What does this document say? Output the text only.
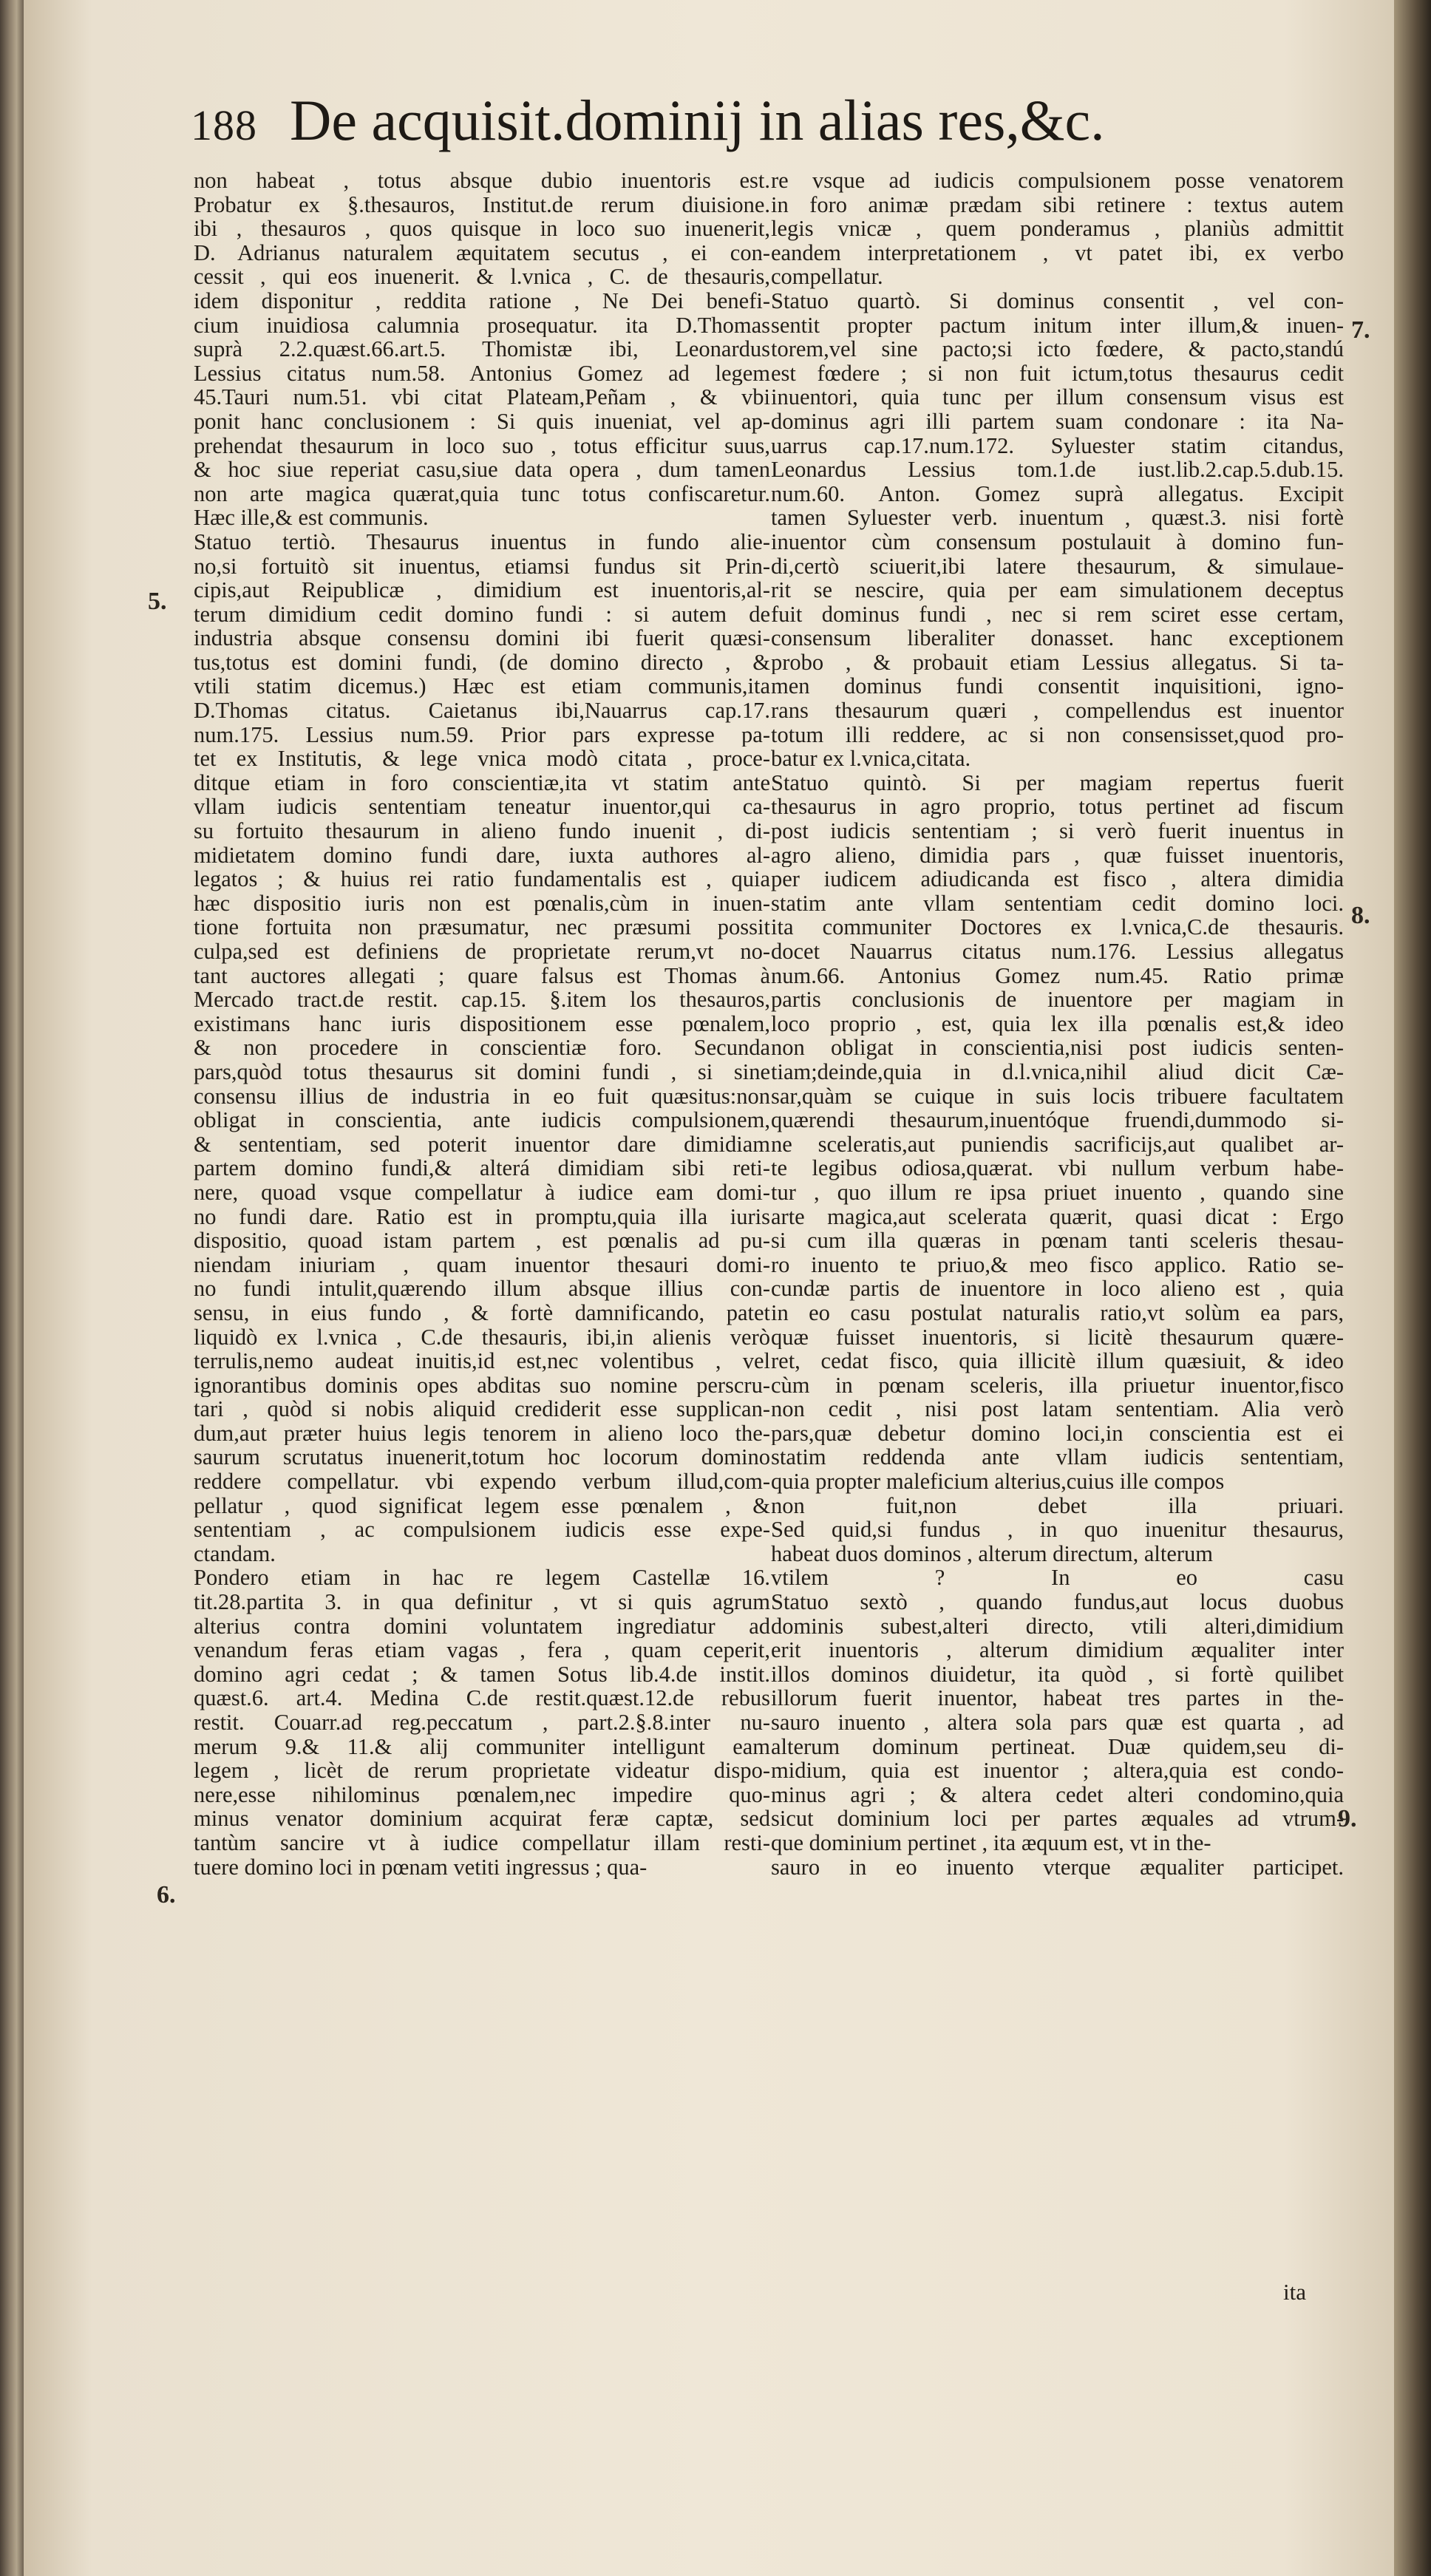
188 De acquisit.dominij in alias res,&c.
non habeat , totus absque dubio inuentoris est.
Probatur ex §.thesauros, Institut.de rerum diuisione.
ibi , thesauros , quos quisque in loco suo inuenerit,
D. Adrianus naturalem æquitatem secutus , ei con-
cessit , qui eos inuenerit. & l.vnica , C. de thesauris,
idem disponitur , reddita ratione , Ne Dei benefi-
cium inuidiosa calumnia prosequatur. ita D.Thomas
suprà 2.2.quæst.66.art.5. Thomistæ ibi, Leonardus
Lessius citatus num.58. Antonius Gomez ad legem
45.Tauri num.51. vbi citat Plateam,Peñam , & vbi
ponit hanc conclusionem : Si quis inueniat, vel ap-
prehendat thesaurum in loco suo , totus efficitur suus,
& hoc siue reperiat casu,siue data opera , dum tamen
non arte magica quærat,quia tunc totus confiscaretur.
Hæc ille,& est communis.
Statuo tertiò. Thesaurus inuentus in fundo alie-
no,si fortuitò sit inuentus, etiamsi fundus sit Prin-
cipis,aut Reipublicæ , dimidium est inuentoris,al-
terum dimidium cedit domino fundi : si autem de
industria absque consensu domini ibi fuerit quæsi-
tus,totus est domini fundi, (de domino directo , &
vtili statim dicemus.) Hæc est etiam communis,ita
D.Thomas citatus. Caietanus ibi,Nauarrus cap.17.
num.175. Lessius num.59. Prior pars expresse pa-
tet ex Institutis, & lege vnica modò citata , proce-
ditque etiam in foro conscientiæ,ita vt statim ante
vllam iudicis sententiam teneatur inuentor,qui ca-
su fortuito thesaurum in alieno fundo inuenit , di-
midietatem domino fundi dare, iuxta authores al-
legatos ; & huius rei ratio fundamentalis est , quia
hæc dispositio iuris non est pœnalis,cùm in inuen-
tione fortuita non præsumatur, nec præsumi possit
culpa,sed est definiens de proprietate rerum,vt no-
tant auctores allegati ; quare falsus est Thomas à
Mercado tract.de restit. cap.15. §.item los thesauros,
existimans hanc iuris dispositionem esse pœnalem,
& non procedere in conscientiæ foro. Secunda
pars,quòd totus thesaurus sit domini fundi , si sine
consensu illius de industria in eo fuit quæsitus:non
obligat in conscientia, ante iudicis compulsionem,
& sententiam, sed poterit inuentor dare dimidiam
partem domino fundi,& alterá dimidiam sibi reti-
nere, quoad vsque compellatur à iudice eam domi-
no fundi dare. Ratio est in promptu,quia illa iuris
dispositio, quoad istam partem , est pœnalis ad pu-
niendam iniuriam , quam inuentor thesauri domi-
no fundi intulit,quærendo illum absque illius con-
sensu, in eius fundo , & fortè damnificando, patet
liquidò ex l.vnica , C.de thesauris, ibi,in alienis verò
terrulis,nemo audeat inuitis,id est,nec volentibus , vel
ignorantibus dominis opes abditas suo nomine perscru-
tari , quòd si nobis aliquid crediderit esse supplican-
dum,aut præter huius legis tenorem in alieno loco the-
saurum scrutatus inuenerit,totum hoc locorum domino
reddere compellatur. vbi expendo verbum illud,com-
pellatur , quod significat legem esse pœnalem , &
sententiam , ac compulsionem iudicis esse expe-
ctandam.
Pondero etiam in hac re legem Castellæ 16.
tit.28.partita 3. in qua definitur , vt si quis agrum
alterius contra domini voluntatem ingrediatur ad
venandum feras etiam vagas , fera , quam ceperit,
domino agri cedat ; & tamen Sotus lib.4.de instit.
quæst.6. art.4. Medina C.de restit.quæst.12.de rebus
restit. Couarr.ad reg.peccatum , part.2.§.8.inter nu-
merum 9.& 11.& alij communiter intelligunt eam
legem , licèt de rerum proprietate videatur dispo-
nere,esse nihilominus pœnalem,nec impedire quo-
minus venator dominium acquirat feræ captæ, sed
tantùm sancire vt à iudice compellatur illam resti-
tuere domino loci in pœnam vetiti ingressus ; qua-
re vsque ad iudicis compulsionem posse venatorem
in foro animæ prædam sibi retinere : textus autem
legis vnicæ , quem ponderamus , planiùs admittit
eandem interpretationem , vt patet ibi, ex verbo
compellatur.
Statuo quartò. Si dominus consentit , vel con-
sentit propter pactum initum inter illum,& inuen-
torem,vel sine pacto;si icto fœdere, & pacto,standú
est fœdere ; si non fuit ictum,totus thesaurus cedit
inuentori, quia tunc per illum consensum visus est
dominus agri illi partem suam condonare : ita Na-
uarrus cap.17.num.172. Syluester statim citandus,
Leonardus Lessius tom.1.de iust.lib.2.cap.5.dub.15.
num.60. Anton. Gomez suprà allegatus. Excipit
tamen Syluester verb. inuentum , quæst.3. nisi fortè
inuentor cùm consensum postulauit à domino fun-
di,certò sciuerit,ibi latere thesaurum, & simulaue-
rit se nescire, quia per eam simulationem deceptus
fuit dominus fundi , nec si rem sciret esse certam,
consensum liberaliter donasset. hanc exceptionem
probo , & probauit etiam Lessius allegatus. Si ta-
men dominus fundi consentit inquisitioni, igno-
rans thesaurum quæri , compellendus est inuentor
totum illi reddere, ac si non consensisset,quod pro-
batur ex l.vnica,citata.
Statuo quintò. Si per magiam repertus fuerit
thesaurus in agro proprio, totus pertinet ad fiscum
post iudicis sententiam ; si verò fuerit inuentus in
agro alieno, dimidia pars , quæ fuisset inuentoris,
per iudicem adiudicanda est fisco , altera dimidia
statim ante vllam sententiam cedit domino loci.
ita communiter Doctores ex l.vnica,C.de thesauris.
docet Nauarrus citatus num.176. Lessius allegatus
num.66. Antonius Gomez num.45. Ratio primæ
partis conclusionis de inuentore per magiam in
loco proprio , est, quia lex illa pœnalis est,& ideo
non obligat in conscientia,nisi post iudicis senten-
tiam;deinde,quia in d.l.vnica,nihil aliud dicit Cæ-
sar,quàm se cuique in suis locis tribuere facultatem
quærendi thesaurum,inuentóque fruendi,dummodo si-
ne sceleratis,aut puniendis sacrificijs,aut qualibet ar-
te legibus odiosa,quærat. vbi nullum verbum habe-
tur , quo illum re ipsa priuet inuento , quando sine
arte magica,aut scelerata quærit, quasi dicat : Ergo
si cum illa quæras in pœnam tanti sceleris thesau-
ro inuento te priuo,& meo fisco applico. Ratio se-
cundæ partis de inuentore in loco alieno est , quia
in eo casu postulat naturalis ratio,vt solùm ea pars,
quæ fuisset inuentoris, si licitè thesaurum quære-
ret, cedat fisco, quia illicitè illum quæsiuit, & ideo
cùm in pœnam sceleris, illa priuetur inuentor,fisco
non cedit , nisi post latam sententiam. Alia verò
pars,quæ debetur domino loci,in conscientia est ei
statim reddenda ante vllam iudicis sententiam,
quia propter maleficium alterius,cuius ille compos
non fuit,non debet illa priuari.
Sed quid,si fundus , in quo inuenitur thesaurus,
habeat duos dominos , alterum directum, alterum
vtilem ? In eo casu
Statuo sextò , quando fundus,aut locus duobus
dominis subest,alteri directo, vtili alteri,dimidium
erit inuentoris , alterum dimidium æqualiter inter
illos dominos diuidetur, ita quòd , si fortè quilibet
illorum fuerit inuentor, habeat tres partes in the-
sauro inuento , altera sola pars quæ est quarta , ad
alterum dominum pertineat. Duæ quidem,seu di-
midium, quia est inuentor ; altera,quia est condo-
minus agri ; & altera cedet alteri condomino,quia
sicut dominium loci per partes æquales ad vtrum-
que dominium pertinet , ita æquum est, vt in the-
sauro in eo inuento vterque æqualiter participet.
5.
6.
7.
8.
9.
ita
